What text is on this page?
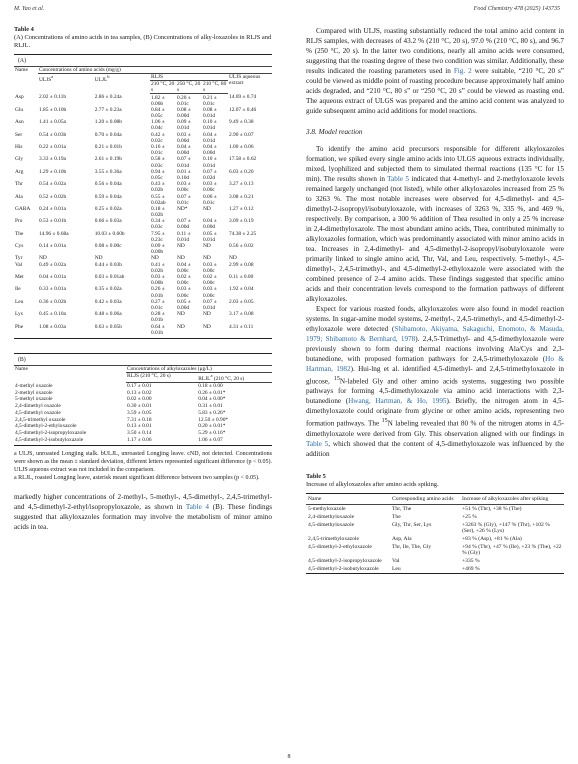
M. Yao et al.	Food Chemistry 478 (2025) 143735
Table 4
(A) Concentrations of amino acids in tea samples, (B) Concentrations of alky-loxazoles in RLJS and RLJL.
(A)
Name	Concentrations of amino acids (mg/g)					
	ULJS$^a$	ULJL$^b$	RLJS			ULJS aqueous extract
			210 °C, 20 s	250 °C, 20 s	210 °C, 80 s	
Asp	2.02 ± 0.11b	2.86 ± 0.24a	1.82 ± 0.06b	0.20 ± 0.01c	0.21 ± 0.01c	14.69 ± 0.74
Glu	1.85 ± 0.10b	2.77 ± 0.23a	0.84 ± 0.05c	0.08 ± 0.00d	0.08 ± 0.01d	12.07 ± 0.46
Asn	1.41 ± 0.05a	1.20 ± 0.08b	1.06 ± 0.04c	0.09 ± 0.01d	0.10 ± 0.01d	9.49 ± 0.38
Ser	0.54 ± 0.03b	0.70 ± 0.04a	0.42 ± 0.02c	0.03 ± 0.00d	0.04 ± 0.01d	2.90 ± 0.07
His	0.22 ± 0.01a	0.21 ± 0.01b	0.16 ± 0.01c	0.04 ± 0.00d	0.04 ± 0.00d	1.00 ± 0.06
Gly	3.33 ± 0.19a	2.61 ± 0.19b	0.58 ± 0.03c	0.07 ± 0.01d	0.10 ± 0.01d	17.58 ± 0.62
Arg	1.29 ± 0.10b	3.55 ± 0.36a	0.94 ± 0.05c	0.01 ± 0.10d	0.07 ± 0.02d	6.03 ± 0.20
Thr	0.54 ± 0.02a	0.56 ± 0.04a	0.43 ± 0.02b	0.03 ± 0.00c	0.03 ± 0.00c	3.27 ± 0.13
Ala	0.52 ± 0.02b	0.59 ± 0.04a	0.55 ± 0.02ab	0.07 ± 0.01c	0.06 ± 0.01c	3.08 ± 0.21
GABA	0.24 ± 0.01a	0.25 ± 0.02a	0.18 ± 0.02b	ND*	ND	1.27 ± 0.12
Pro	0.53 ± 0.01b	0.66 ± 0.03a	0.34 ± 0.03c	0.07 ± 0.00d	0.04 ± 0.00d	3.09 ± 0.19
The	14.96 ± 0.68a	10.03 ± 0.60b	7.95 ± 0.23c	0.11 ± 0.01d	0.05 ± 0.01d	74.38 ± 2.25
Cys	0.14 ± 0.01a	0.08 ± 0.00c	0.09 ± 0.00b	ND	ND	0.56 ± 0.02
Tyr	ND	ND	ND	ND	ND	ND
Val	0.49 ± 0.02a	0.44 ± 0.03b	0.41 ± 0.02b	0.04 ± 0.00c	0.03 ± 0.00c	2.99 ± 0.08
Met	0.04 ± 0.01a	0.03 ± 0.01ab	0.03 ± 0.00b	0.02 ± 0.00c	0.02 ± 0.00c	0.11 ± 0.00
Ile	0.33 ± 0.01a	0.35 ± 0.02a	0.26 ± 0.01b	0.03 ± 0.00c	0.03 ± 0.00c	1.92 ± 0.04
Leu	0.36 ± 0.02b	0.42 ± 0.03a	0.27 ± 0.01c	0.05 ± 0.00d	0.07 ± 0.01d	2.03 ± 0.05
Lys	0.45 ± 0.10a	0.48 ± 0.06a	0.28 ± 0.01b	ND	ND	3.17 ± 0.08
Phe	1.08 ± 0.03a	0.63 ± 0.05b	0.64 ± 0.01b	ND	ND	4.31 ± 0.11
(B)
Name	Concentrations of alkyloxazoles (μg/L)	
	RLJS (210 °C, 20 s)	RLJL$^a$ (210 °C, 20 s)
4-methyl oxazole	0.17 ± 0.01	0.18 ± 0.00
2-methyl oxazole	0.13 ± 0.02	0.26 ± 0.01*
5-methyl oxazole	0.02 ± 0.00	0.04 ± 0.00*
2,4-dimethyl oxazole	0.30 ± 0.01	0.31 ± 0.01
4,5-dimethyl oxazole	3.59 ± 0.05	5.83 ± 0.26*
2,4,5-trimethyl oxazole	7.31 ± 0.18	12.50 ± 0.90*
4,5-dimethyl-2-ethyloxazole	0.13 ± 0.01	0.20 ± 0.01*
4,5-dimethyl-2-isopropyloxazole	3.50 ± 0.14	5.29 ± 0.16*
4,5-dimethyl-2-isobutyloxazole	1.17 ± 0.06	1.06 ± 0.07
a ULJS, unroasted Longjing stalk. bULJL, unroasted Longjing leave. cND, not detected. Concentrations were shown as the mean ± standard deviation, different letters represented significant difference (p < 0.05). ULJS aqueous extract was not included in the comparison.
a RLJL, roasted Longjing leave, asterisk meant significant difference between two samples (p < 0.05).

markedly higher concentrations of 2-methyl-, 5-methyl-, 4,5-dimethyl-, 2,4,5-trimethyl- and 4,5-dimethyl-2-ethyl/isopropyloxazole, as shown in Table 4 (B). These findings suggested that alkyloxazoles formation may involve the metabolism of minor amino acids in tea.

Compared with ULJS, roasting substantially reduced the total amino acid content in RLJS samples, with decreases of 43.2 % (210 °C, 20 s), 97.0 % (210 °C, 80 s), and 96.7 % (250 °C, 20 s). In the latter two conditions, nearly all amino acids were consumed, suggesting that the roasting degree of these two condition was similar. Additionally, these results indicated the roasting parameters used in Fig. 2 were suitable, “210 °C, 20 s” could be viewed as middle point of roasting procedure because approximately half amino acids degraded, and “210 °C, 80 s” or “250 °C, 20 s” could be viewed as roasting end. The aqueous extract of ULGS was prepared and the amino acid content was analyzed to guide subsequent amino acid additions for model reactions.

3.8. Model reaction

To identify the amino acid precursors responsible for different alkyloxazoles formation, we spiked every single amino acids into ULGS aqueous extracts individually, mixed, lyophilized and subjected them to simulated thermal reactions (135 °C for 15 min). The results shown in Table 5 indicated that 4-methyl- and 2-methyloxazole levels remained largely unchanged (not listed), while other alkyloxazoles increased from 25 % to 3263 %. The most notable increases were observed for 4,5-dimethyl- and 4,5-dimethyl-2-isopropyl/isobutyloxazole, with increases of 3263 %, 335 %, and 469 %, respectively. By comparison, a 300 % addition of Thea resulted in only a 25 % increase in 2,4-dimethyloxazole. The most abundant amino acids, Thea, contributed minimally to alkyloxazoles formation, which was predominantly associated with minor amino acids in tea. Increases in 2,4-dimethyl- and 4,5-dimethyl-2-isopropyl/isobutyloxazole were primarily linked to single amino acid, Thr, Val, and Leu, respectively. 5-methyl-, 4,5-dimethyl-, 2,4,5-trimethyl-, and 4,5-dimethyl-2-ethyloxazole were associated with the combined presence of 2–4 amino acids. These findings suggested that specific amino acids and their concentration levels correspond to the formation pathways of different alkyloxazoles.

Expect for various roasted foods, alkyloxazoles were also found in model reaction systems. In sugar-amine model systems, 2-methyl-, 2,4,5-trimethyl-, and 4,5-dimethyl-2-ethyloxazole were detected (Shibamoto, Akiyama, Sakaguchi, Enomoto, & Masuda, 1979; Shibamoto & Bernhard, 1978). 2,4,5-Trimethyl- and 4,5-dimethyloxazole were previously shown to form during thermal reactions involving Ala/Cys and 2,3-butanedione, with proposed formation pathways for 2,4,5-trimethyloxazole (Ho & Hartman, 1982). Hui-lng et al. identified 4,5-dimethyl- and 2,4,5-trimethyloxazole in glucose, $^{15}$N-labeled Gly and other amino acids systems, suggesting two possible pathways for forming 4,5-dimethyloxazole via amino acid interactions with 2,3-butanedione (Hwang, Hartman, & Ho, 1995). Briefly, the nitrogen atom in 4,5-dimethyloxazole could originate from glycine or other amino acids, representing two formation pathways. The $^{15}$N labeling revealed that 80 % of the nitrogen atoms in 4,5-dimethyloxazole were derived from Gly. This observation aligned with our findings in Table 5, which showed that the content of 4,5-dimethyloxazole was influenced by the addition

Table 5
Increase of alkyloxazoles after amino acids spiking.
Name	Corresponding amino acids	Increase of alkyloxazoles after spiking
5-methyloxazole	Thr, The	+51 % (Thr), +38 % (The)
2,4-dimethyloxazole	The	+25 %
4,5-dimethyloxazole	Gly, Thr, Ser, Lys	+3263 % (Gly), +147 % (Thr), +102 % (Ser), +26 % (Lys)
2,4,5-trimethyloxazole	Asp, Ala	+83 % (Asp), +81 % (Ala)
4,5-dimethyl-2-ethyloxazole	Thr, Ile, The, Gly	+94 % (Thr), +47 % (Ile), +23 % (The), +22 % (Gly)
4,5-dimethyl-2-isopropyloxazole	Val	+335 %
4,5-dimethyl-2-isobutyloxazole	Leu	+469 %
8
